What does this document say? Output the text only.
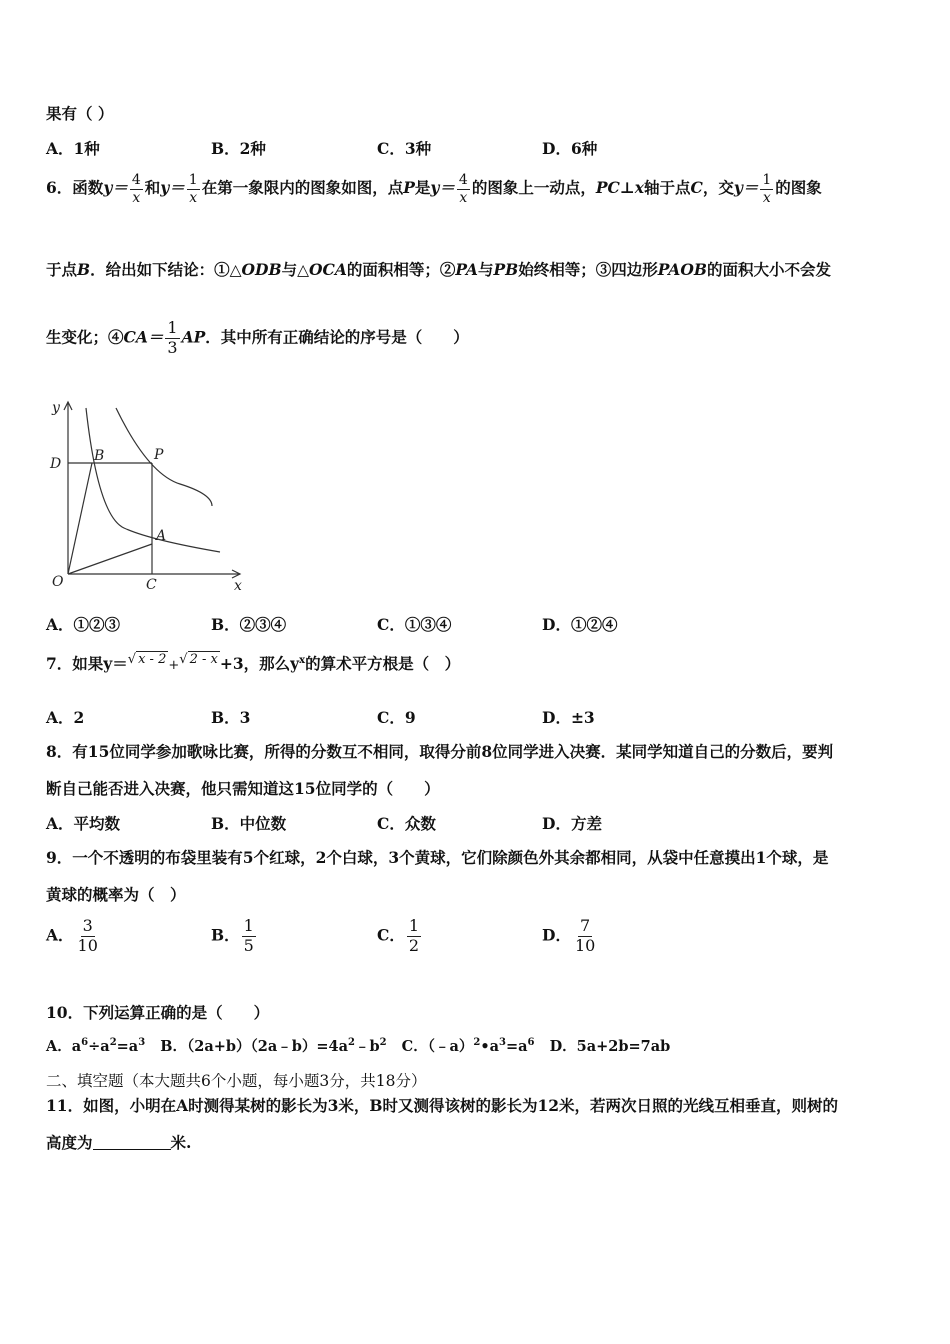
果有（ ）
A．1种	B．2种	C．3种	D．6种
6．函数$y= \frac{4}{x}$ 和$y= \frac{1}{x}$ 在第一象限内的图象如图，点P是$y= \frac{4}{x}$ 的图象上一动点，PC⊥x轴于点C，交$y= \frac{1}{x}$ 的图象
于点B．给出如下结论：①△ODB与△OCA的面积相等；②PA与PB始终相等；③四边形PAOB的面积大小不会发
生变化；④CA＝ $\frac{1}{3}$ AP．其中所有正确结论的序号是（　　）
y
x
O	C
D B	P
A
A．①②③	B．②③④	C．①③④	D．①②④
7．如果y＝√ x - 2 +√ 2 - x +3，那么$y^x$的算术平方根是（　）
A．2	B．3	C．9	D．±3
8．有15位同学参加歌咏比赛，所得的分数互不相同，取得分前8位同学进入决赛．某同学知道自己的分数后，要判
断自己能否进入决赛，他只需知道这15位同学的（　　）
A．平均数	B．中位数	C．众数	D．方差
9．一个不透明的布袋里装有5个红球，2个白球，3个黄球，它们除颜色外其余都相同，从袋中任意摸出1个球，是
黄球的概率为（　）
A． $\frac{3}{10}$	B． $\frac{1}{5}$	C． $\frac{1}{2}$	D． $\frac{7}{10}$
10．下列运算正确的是（　　）
A．$a^6\div a^2=a^3$ B．$(2a+b)(2a﹣b)=4a^2﹣b^2$ C．$(﹣a)^2•a^3=a^6$ D．5a+2b=7ab
二、填空题（本大题共6个小题，每小题3分，共18分）
11．如图，小明在A时测得某树的影长为3米，B时又测得该树的影长为12米，若两次日照的光线互相垂直，则树的
高度为	米.
